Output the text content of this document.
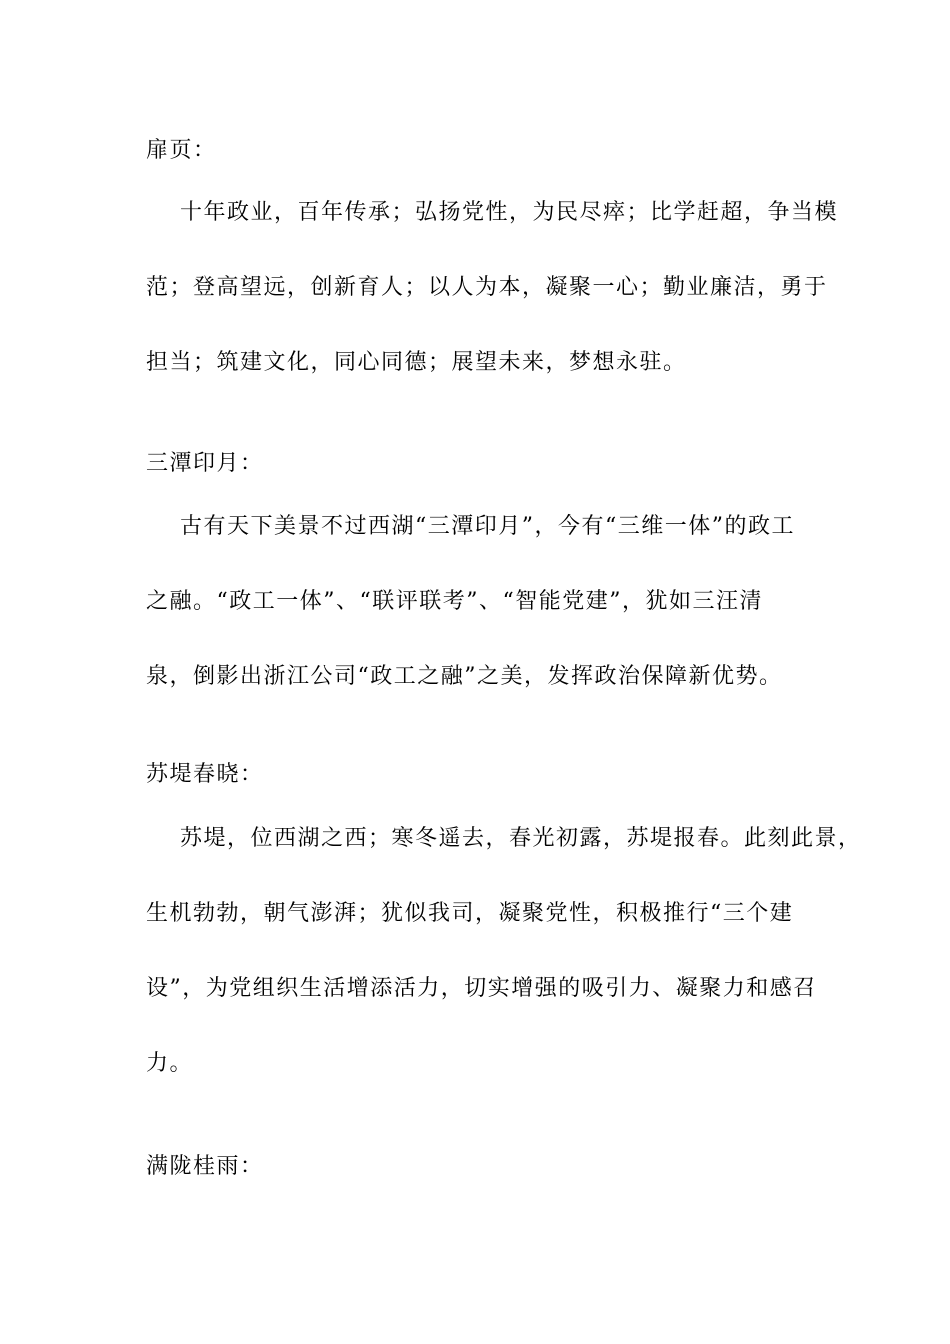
扉页：
十年政业，百年传承；弘扬党性，为民尽瘁；比学赶超，争当模
范；登高望远，创新育人；以人为本，凝聚一心；勤业廉洁，勇于
担当；筑建文化，同心同德；展望未来，梦想永驻。
三潭印月：
古有天下美景不过西湖“三潭印月”，今有“三维一体”的政工
之融。“政工一体”、“联评联考”、“智能党建”，犹如三汪清
泉，倒影出浙江公司“政工之融”之美，发挥政治保障新优势。
苏堤春晓：
苏堤，位西湖之西；寒冬遥去，春光初露，苏堤报春。此刻此景，
生机勃勃，朝气澎湃；犹似我司，凝聚党性，积极推行“三个建
设”，为党组织生活增添活力，切实增强的吸引力、凝聚力和感召
力。
满陇桂雨：
